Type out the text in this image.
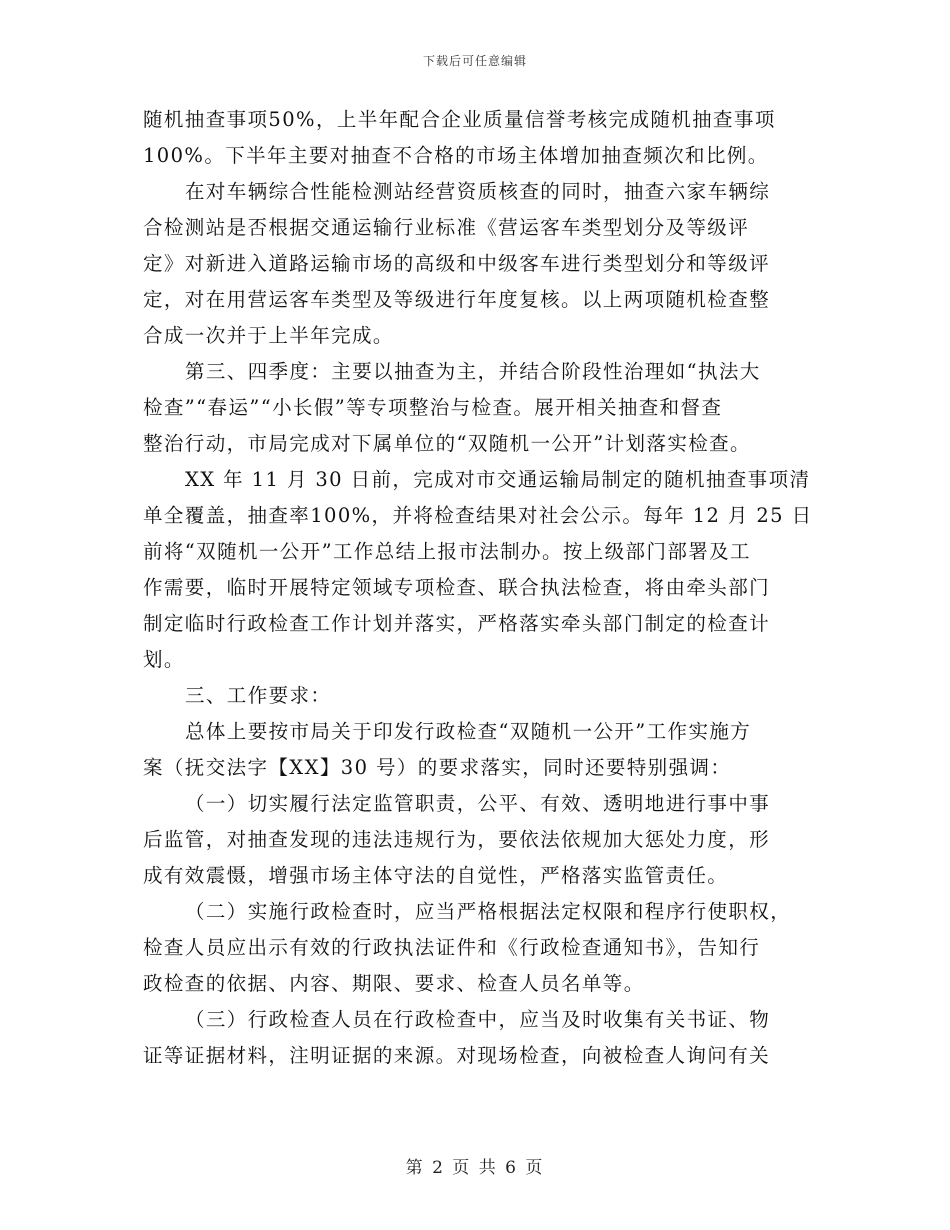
下载后可任意编辑
随机抽查事项50%，上半年配合企业质量信誉考核完成随机抽查事项
100%。下半年主要对抽查不合格的市场主体增加抽查频次和比例。
在对车辆综合性能检测站经营资质核查的同时，抽查六家车辆综
合检测站是否根据交通运输行业标准《营运客车类型划分及等级评
定》对新进入道路运输市场的高级和中级客车进行类型划分和等级评
定，对在用营运客车类型及等级进行年度复核。以上两项随机检查整
合成一次并于上半年完成。
第三、四季度：主要以抽查为主，并结合阶段性治理如“执法大
检查”“春运”“小长假”等专项整治与检查。展开相关抽查和督查
整治行动，市局完成对下属单位的“双随机一公开”计划落实检查。
XX 年 11 月 30 日前，完成对市交通运输局制定的随机抽查事项清
单全覆盖，抽查率100%，并将检查结果对社会公示。每年 12 月 25 日
前将“双随机一公开”工作总结上报市法制办。按上级部门部署及工
作需要，临时开展特定领域专项检查、联合执法检查，将由牵头部门
制定临时行政检查工作计划并落实，严格落实牵头部门制定的检查计
划。
三、工作要求：
总体上要按市局关于印发行政检查“双随机一公开”工作实施方
案（抚交法字【XX】30 号）的要求落实，同时还要特别强调：
（一）切实履行法定监管职责，公平、有效、透明地进行事中事
后监管，对抽查发现的违法违规行为，要依法依规加大惩处力度，形
成有效震慑，增强市场主体守法的自觉性，严格落实监管责任。
（二）实施行政检查时，应当严格根据法定权限和程序行使职权，
检查人员应出示有效的行政执法证件和《行政检查通知书》，告知行
政检查的依据、内容、期限、要求、检查人员名单等。
（三）行政检查人员在行政检查中，应当及时收集有关书证、物
证等证据材料，注明证据的来源。对现场检查，向被检查人询问有关
第 2 页 共 6 页
